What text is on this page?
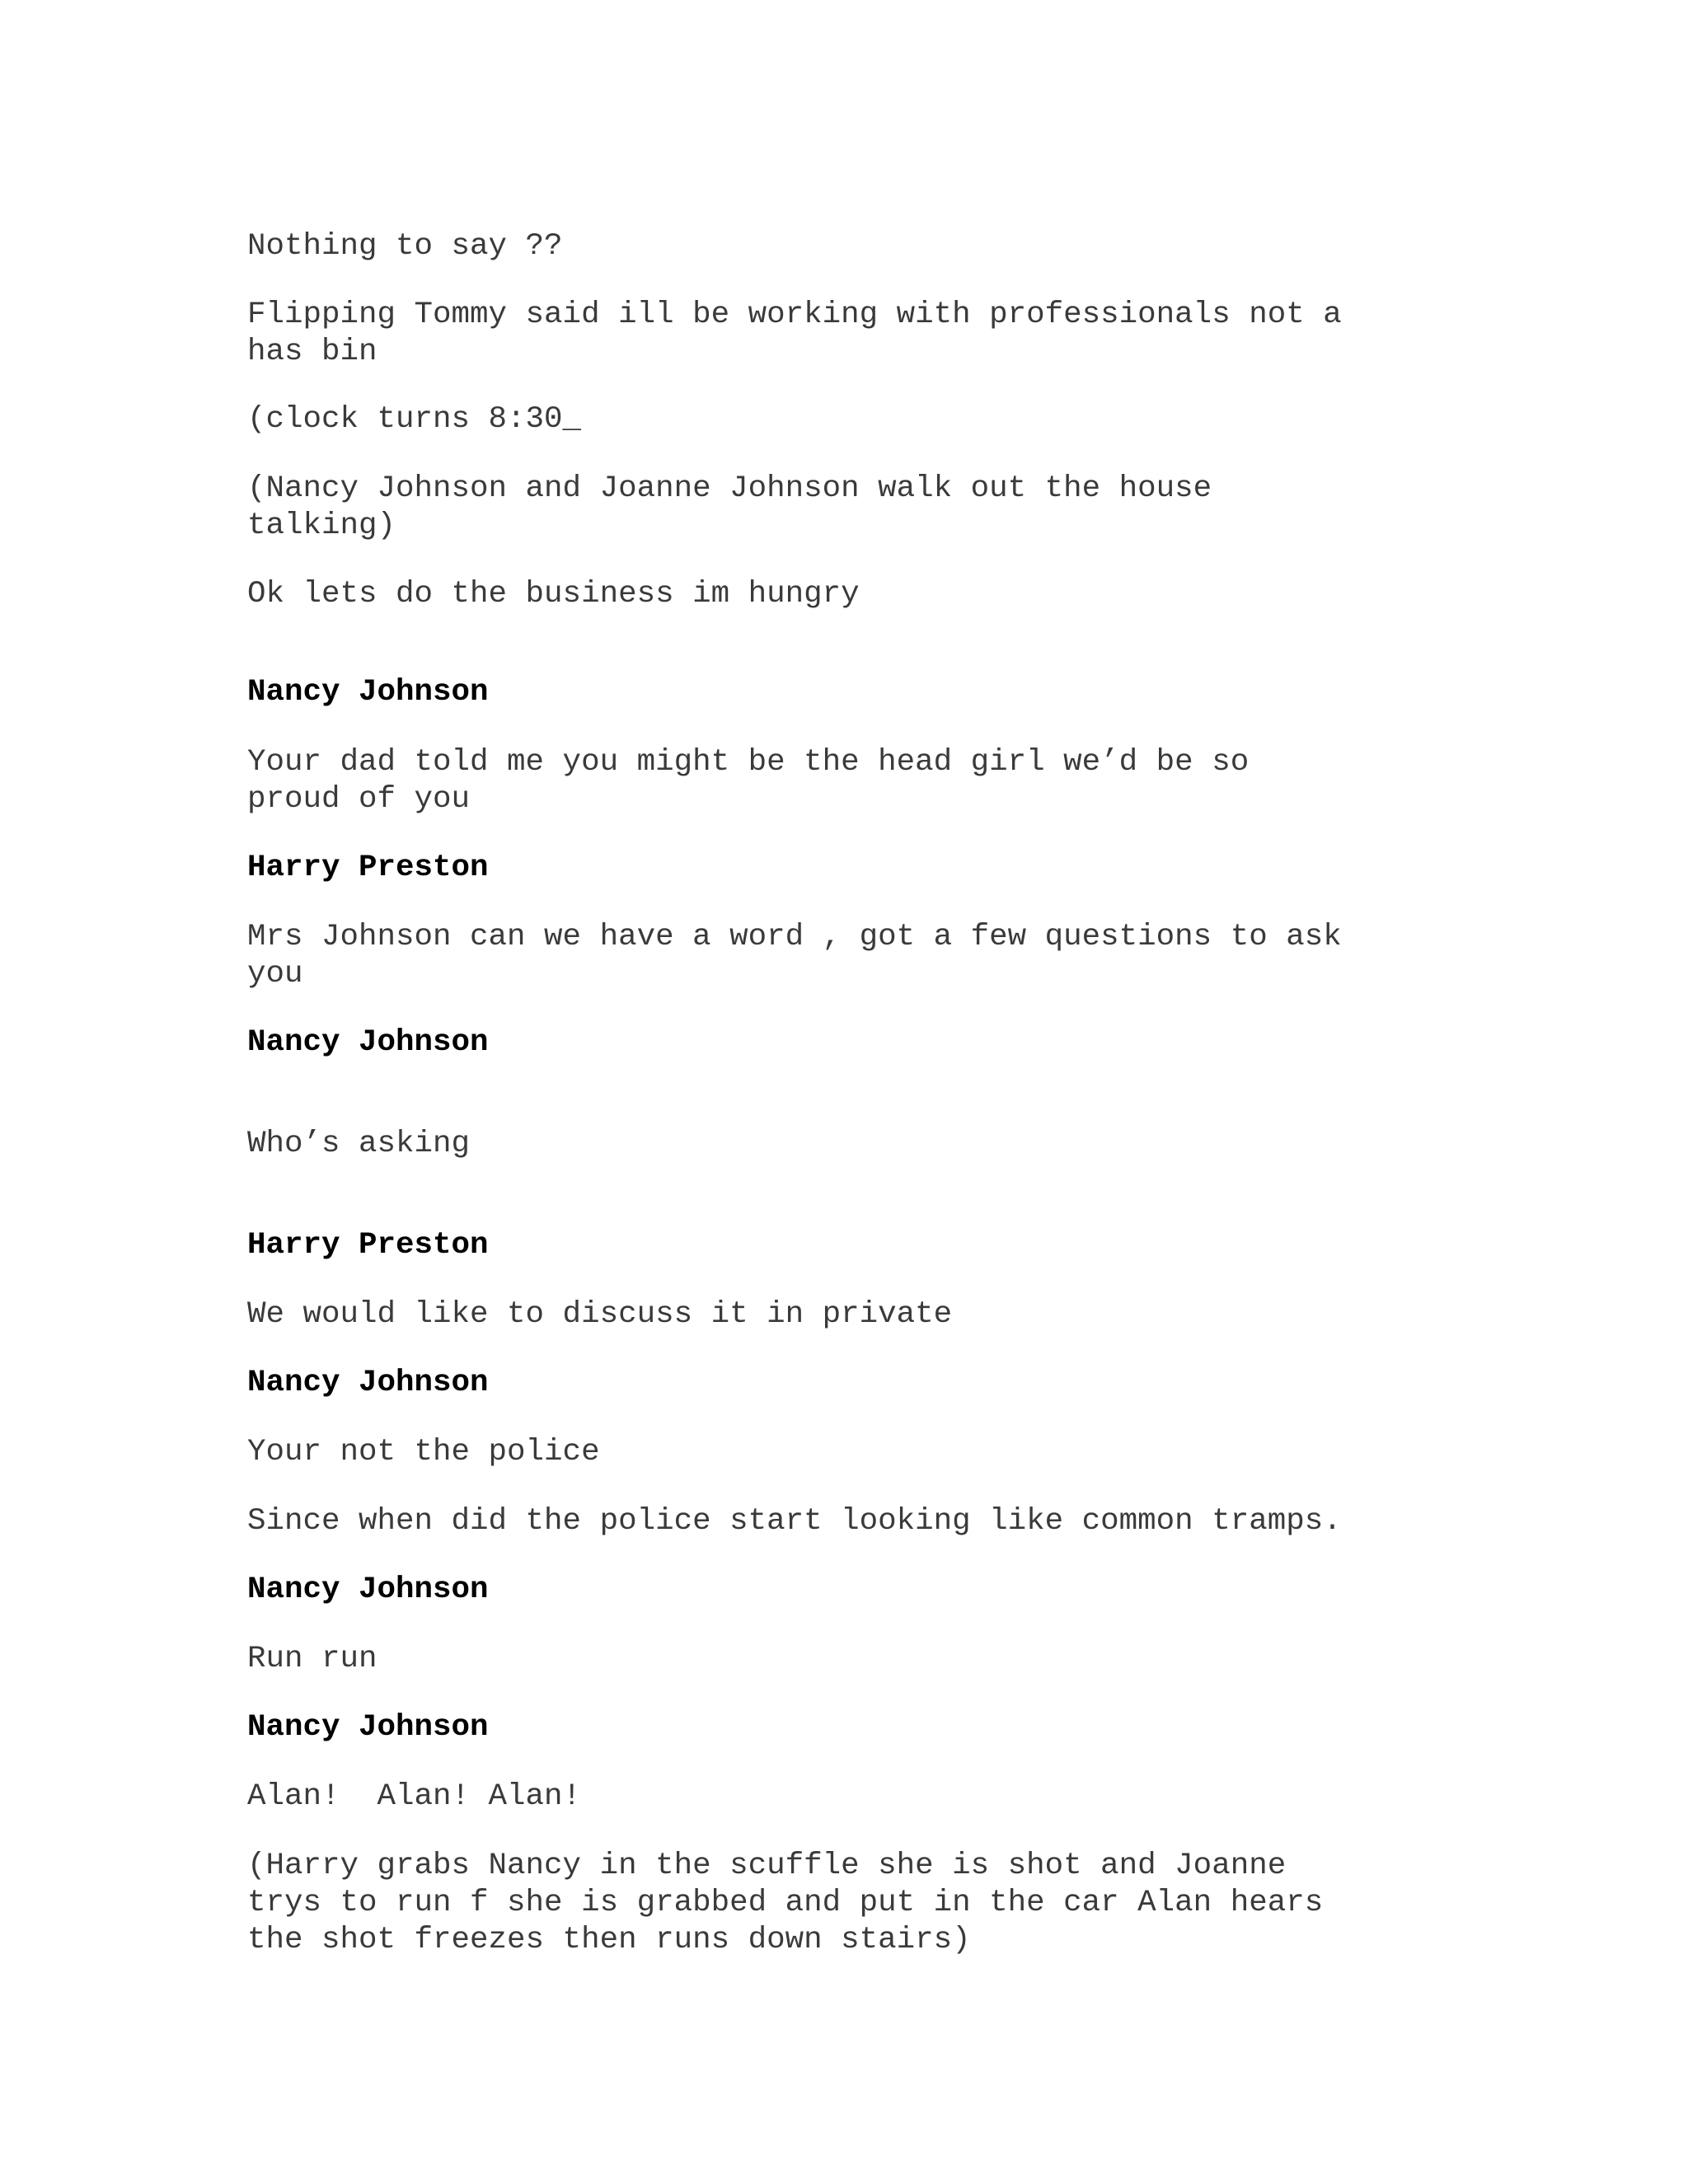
Nothing to say ??

Flipping Tommy said ill be working with professionals not a

has bin

(clock turns 8:30_

(Nancy Johnson and Joanne Johnson walk out the house

talking)

Ok lets do the business im hungry

Nancy Johnson

Your dad told me you might be the head girl we’d be so

proud of you

Harry Preston

Mrs Johnson can we have a word , got a few questions to ask

you

Nancy Johnson

Who’s asking

Harry Preston

We would like to discuss it in private

Nancy Johnson

Your not the police

Since when did the police start looking like common tramps.

Nancy Johnson

Run run

Nancy Johnson

Alan!  Alan! Alan!

(Harry grabs Nancy in the scuffle she is shot and Joanne

trys to run f she is grabbed and put in the car Alan hears

the shot freezes then runs down stairs)
